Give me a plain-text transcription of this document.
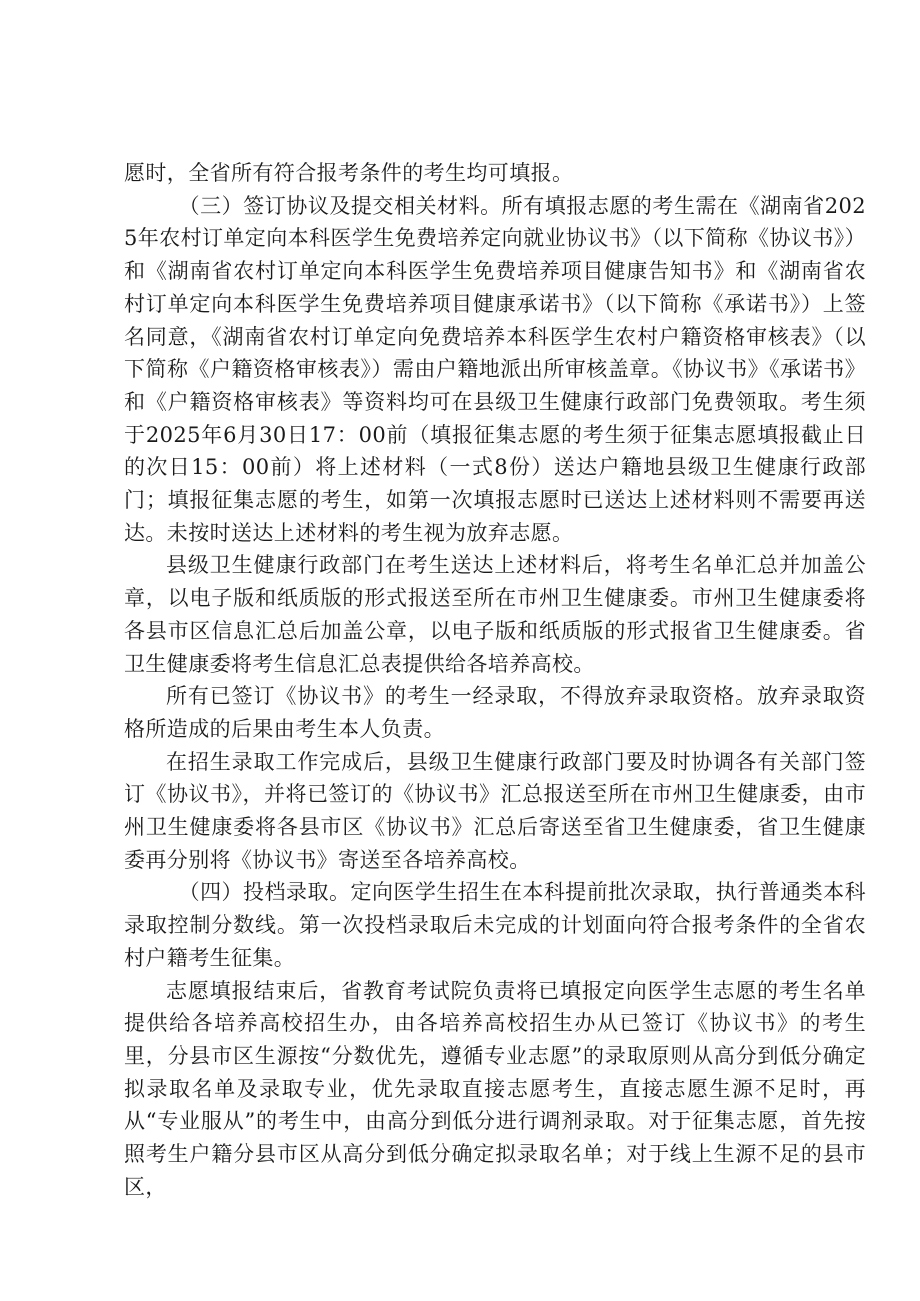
愿时，全省所有符合报考条件的考生均可填报。

（三）签订协议及提交相关材料。所有填报志愿的考生需在《湖南省2025年农村订单定向本科医学生免费培养定向就业协议书》（以下简称《协议书》）和《湖南省农村订单定向本科医学生免费培养项目健康告知书》和《湖南省农村订单定向本科医学生免费培养项目健康承诺书》（以下简称《承诺书》）上签名同意，《湖南省农村订单定向免费培养本科医学生农村户籍资格审核表》（以下简称《户籍资格审核表》）需由户籍地派出所审核盖章。《协议书》《承诺书》和《户籍资格审核表》等资料均可在县级卫生健康行政部门免费领取。考生须于2025年6月30日17：00前（填报征集志愿的考生须于征集志愿填报截止日的次日15：00前）将上述材料（一式8份）送达户籍地县级卫生健康行政部门；填报征集志愿的考生，如第一次填报志愿时已送达上述材料则不需要再送达。未按时送达上述材料的考生视为放弃志愿。

县级卫生健康行政部门在考生送达上述材料后，将考生名单汇总并加盖公章，以电子版和纸质版的形式报送至所在市州卫生健康委。市州卫生健康委将各县市区信息汇总后加盖公章，以电子版和纸质版的形式报省卫生健康委。省卫生健康委将考生信息汇总表提供给各培养高校。

所有已签订《协议书》的考生一经录取，不得放弃录取资格。放弃录取资格所造成的后果由考生本人负责。

在招生录取工作完成后，县级卫生健康行政部门要及时协调各有关部门签订《协议书》，并将已签订的《协议书》汇总报送至所在市州卫生健康委，由市州卫生健康委将各县市区《协议书》汇总后寄送至省卫生健康委，省卫生健康委再分别将《协议书》寄送至各培养高校。

（四）投档录取。定向医学生招生在本科提前批次录取，执行普通类本科录取控制分数线。第一次投档录取后未完成的计划面向符合报考条件的全省农村户籍考生征集。

志愿填报结束后，省教育考试院负责将已填报定向医学生志愿的考生名单提供给各培养高校招生办，由各培养高校招生办从已签订《协议书》的考生里，分县市区生源按“分数优先，遵循专业志愿”的录取原则从高分到低分确定拟录取名单及录取专业，优先录取直接志愿考生，直接志愿生源不足时，再从“专业服从”的考生中，由高分到低分进行调剂录取。对于征集志愿，首先按照考生户籍分县市区从高分到低分确定拟录取名单；对于线上生源不足的县市区，
